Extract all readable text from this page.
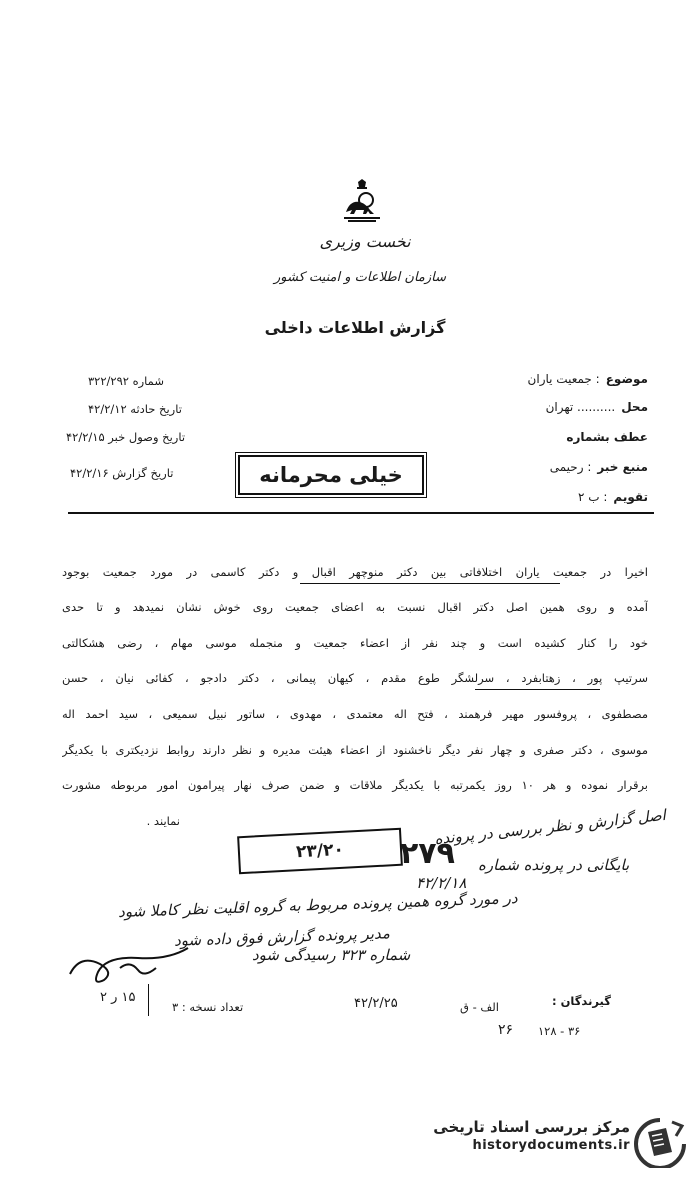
نخست وزیری
سازمان اطلاعات و امنیت کشور
گزارش اطلاعات داخلی
موضوع: جمعیت یاران
محل.......... تهران
عطف بشماره
منبع خبر: رحیمی
تقویم: ب ۲
شماره ۳۲۲/۲۹۲
تاریخ حادثه ۴۲/۲/۱۲
تاریخ وصول خبر ۴۲/۲/۱۵
تاریخ گزارش ۴۲/۲/۱۶	خیلی محرمانه
اخیرا در جمعیت یاران اختلافاتی بین دکتر منوچهر اقبال و دکتر کاسمی در مورد جمعیت بوجود
آمده و روی همین اصل دکتر اقبال نسبت به اعضای جمعیت روی خوش نشان نمیدهد و تا حدی
خود را کنار کشیده است و چند نفر از اعضاء جمعیت و منجمله موسی مهام ، رضی هشکالتی
سرتیپ پور ، زهتابفرد ، سرلشگر طوع مقدم ، کیهان پیمانی ، دکتر دادجو ، کفائی نیان ، حسن
مصطفوی ، پروفسور مهیر فرهمند ، فتح اله معتمدی ، مهدوی ، ساتور نبیل سمیعی ، سید احمد اله
موسوی ، دکتر صفری و چهار نفر دیگر ناخشنود از اعضاء هیئت مدیره و نظر دارند روابط نزدیکتری با یکدیگر
برقرار نموده و هر ۱۰ روز یکمرتبه با یکدیگر ملاقات و ضمن صرف نهار پیرامون امور مربوطه مشورت
نمایند .	اصل گزارش و نظر بررسی در پرونده
۲۳/۲۰	۲۷۹ بایگانی در پرونده شماره
۴۲/۲/۱۸
در مورد گروه همین پرونده مربوط به گروه اقلیت نظر کاملا شود
مدیر پرونده گزارش فوق داده شود
شماره ۳۲۳ رسیدگی شود
گیرندگان :
الف - ق
۲۶ ۱۲۸ - ۳۶
۴۲/۲/۲۵
تعداد نسخه : ۳
۱۵ ر ۲
مرکز بررسی اسناد تاریخی
historydocuments.ir
